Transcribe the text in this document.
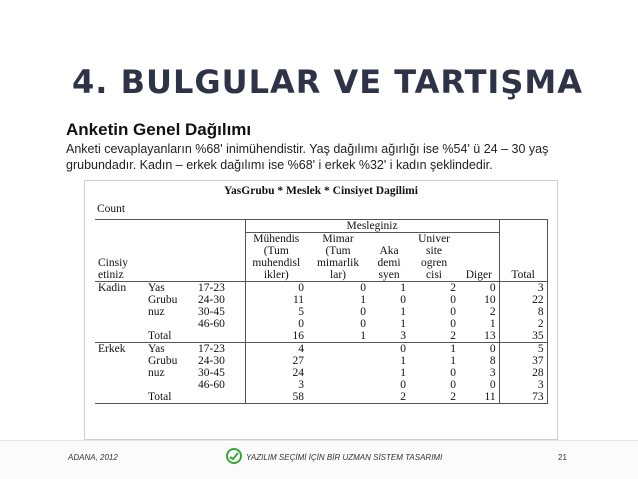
4. BULGULAR VE TARTIŞMA
Anketin Genel Dağılımı
Anketi cevaplayanların %68' inimühendistir. Yaş dağılımı ağırlığı ise %54' ü 24 – 30 yaş grubundadır. Kadın – erkek dağılımı ise %68' i erkek %32' i kadın şeklindedir.
YasGrubu * Meslek * Cinsiyet Dagilimi
Count
			Mesleginiz					
			Mühendis	Mimar		Univer		
			(Tum	(Tum	Aka	site		
Cinsiy			muhendisl	mimarlik	demi	ogren		
etiniz			ikler)	lar)	syen	cisi	Diger	Total
Kadin	Yas	17-23	0	0	1	2	0	3
	Grubu	24-30	11	1	0	0	10	22
	nuz	30-45	5	0	1	0	2	8
		46-60	0	0	1	0	1	2
	Total		16	1	3	2	13	35
Erkek	Yas	17-23	4		0	1	0	5
	Grubu	24-30	27		1	1	8	37
	nuz	30-45	24		1	0	3	28
		46-60	3		0	0	0	3
	Total		58		2	2	11	73
ADANA, 2012	YAZILIM SEÇİMİ İÇİN BİR UZMAN SİSTEM TASARIMI	21
